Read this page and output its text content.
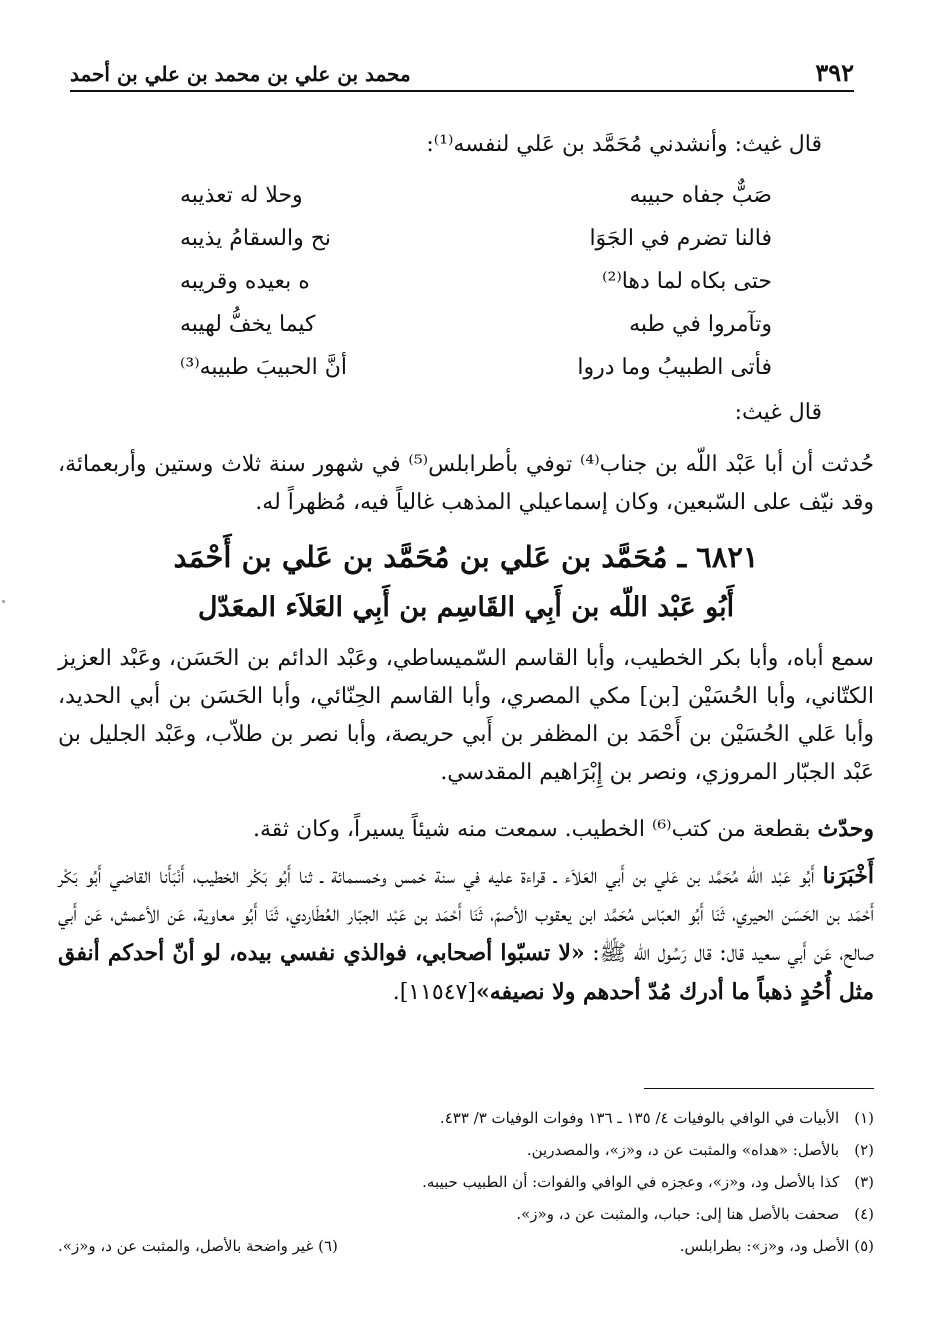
٣٩٢
محمد بن علي بن محمد بن علي بن أحمد
قال غيث: وأنشدني مُحَمَّد بن عَلي لنفسه⁽¹⁾:
صَبٌّ جفاه حبيبه
وحلا له تعذيبه
فالنا تضرم في الجَوَا
نح والسقامُ يذيبه
حتى بكاه لما دها⁽²⁾
ه بعيده وقريبه
وتآمروا في طبه
كيما يخفُّ لهيبه
فأتى الطبيبُ وما دروا
أنَّ الحبيبَ طبيبه⁽³⁾
قال غيث:
حُدثت أن أبا عَبْد اللّه بن جناب⁽⁴⁾ توفي بأطرابلس⁽⁵⁾ في شهور سنة ثلاث وستين وأربعمائة، وقد نيّف على السّبعين، وكان إسماعيلي المذهب غالياً فيه، مُظهراً له.
٦٨٢١ ـ مُحَمَّد بن عَلي بن مُحَمَّد بن عَلي بن أَحْمَد
أَبُو عَبْد اللّه بن أَبِي القَاسِم بن أَبِي العَلاَء المعَدّل
سمع أباه، وأبا بكر الخطيب، وأبا القاسم السّميساطي، وعَبْد الدائم بن الحَسَن، وعَبْد العزيز الكتّاني، وأبا الحُسَيْن [بن] مكي المصري، وأبا القاسم الحِنّائي، وأبا الحَسَن بن أبي الحديد، وأبا عَلي الحُسَيْن بن أَحْمَد بن المظفر بن أَبي حريصة، وأبا نصر بن طلاّب، وعَبْد الجليل بن عَبْد الجبّار المروزي، ونصر بن إِبْرَاهيم المقدسي.
وحدّث بقطعة من كتب⁽⁶⁾ الخطيب. سمعت منه شيئاً يسيراً، وكان ثقة.
أَخْبَرَنا أَبُو عَبْد اللّه مُحَمَّد بن عَلي بن أَبي العَلاَء ـ قراءة عليه في سنة خمس وخمسمائة ـ ثنا أَبُو بَكْر الخطيب، أَنْبَأَنا القاضي أَبُو بَكْر أَحْمَد بن الحَسَن الحيري، ثَنَا أَبُو العبّاس مُحَمَّد ابن يعقوب الأصمّ، ثَنَا أَحْمَد بن عَبْد الجبّار العُطَاردي، ثَنَا أَبُو معاوية، عَن الأعمش، عَن أَبي صالح، عَن أَبي سعيد قال: قال رَسُول الله ﷺ: «لا تسبّوا أصحابي، فوالذي نفسي بيده، لو أنّ أحدكم أنفق مثل أُحُدٍ ذهباً ما أدرك مُدّ أحدهم ولا نصيفه»[١١٥٤٧].
(١) الأبيات في الوافي بالوفيات ٤/ ١٣٥ ـ ١٣٦ وفوات الوفيات ٣/ ٤٣٣.
(٢) بالأصل: «هداه» والمثبت عن د، و«ز»، والمصدرين.
(٣) كذا بالأصل ود، و«ز»، وعجزه في الوافي والفوات: أن الطبيب حبيبه.
(٤) صحفت بالأصل هنا إلى: حباب، والمثبت عن د، و«ز».
(٥) الأصل ود، و«ز»: بطرابلس.
(٦) غير واضحة بالأصل، والمثبت عن د، و«ز».
